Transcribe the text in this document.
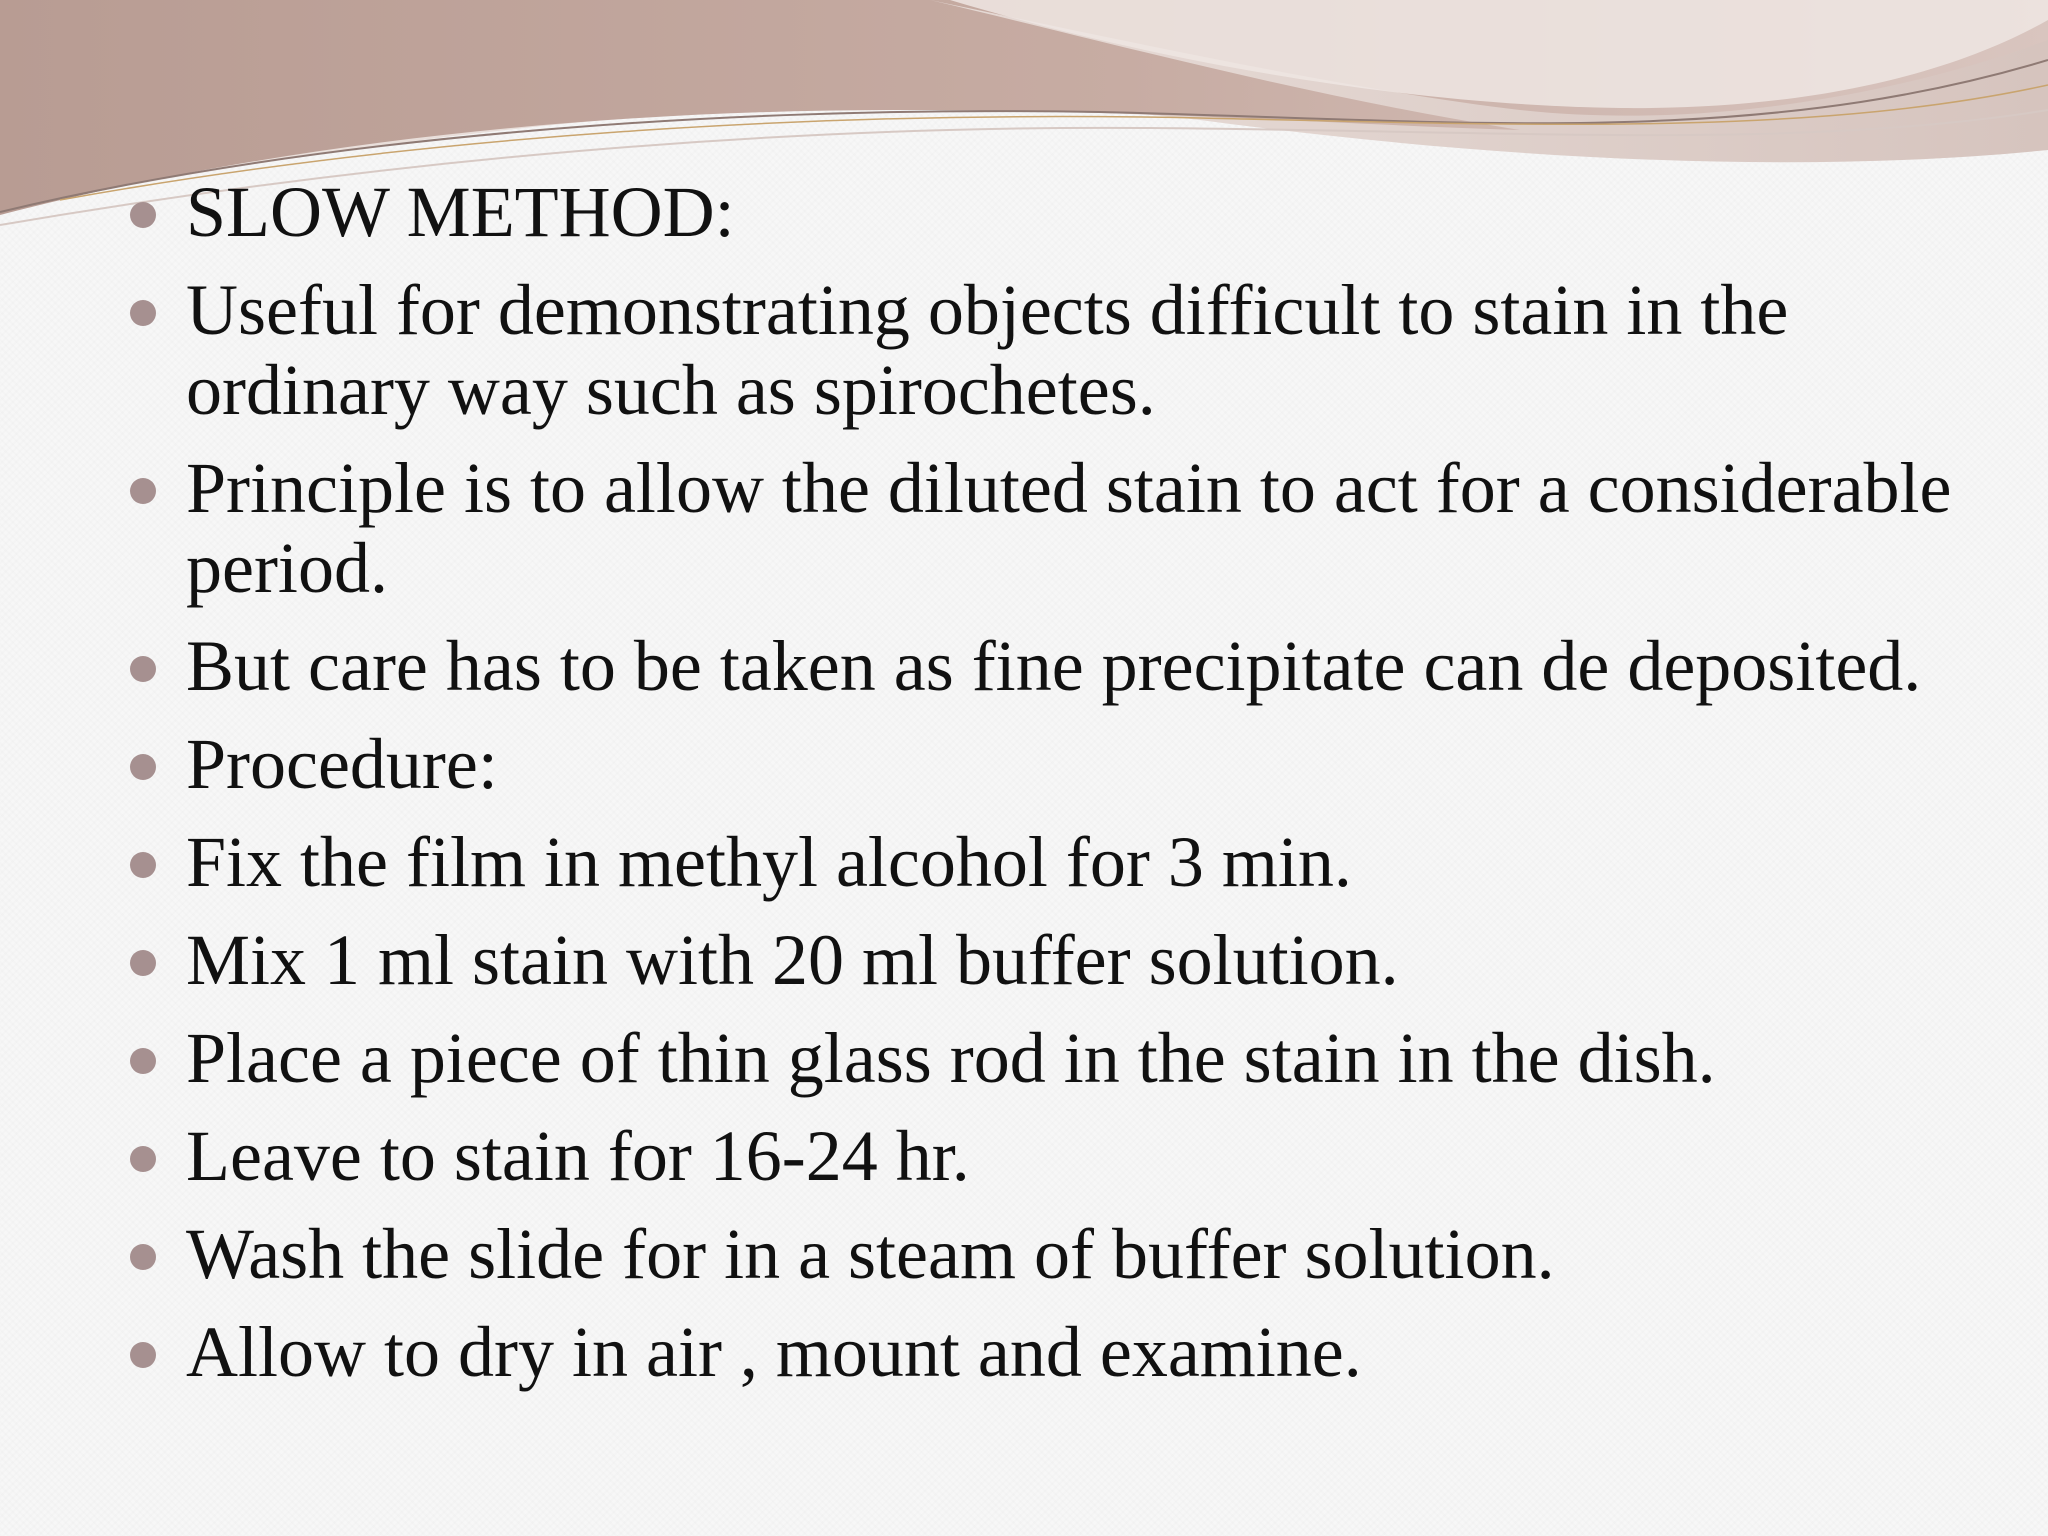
SLOW METHOD:
Useful for demonstrating objects difficult to stain in the ordinary way such as spirochetes.
Principle is to allow the diluted stain to act for a considerable period.
But care has to be taken as fine precipitate can de deposited.
Procedure:
Fix the film in methyl alcohol for 3 min.
Mix 1 ml stain with 20 ml buffer solution.
Place a piece of thin glass rod in the stain in the dish.
Leave to stain for 16-24 hr.
Wash the slide for in a steam of buffer solution.
Allow to dry in air , mount and examine.
